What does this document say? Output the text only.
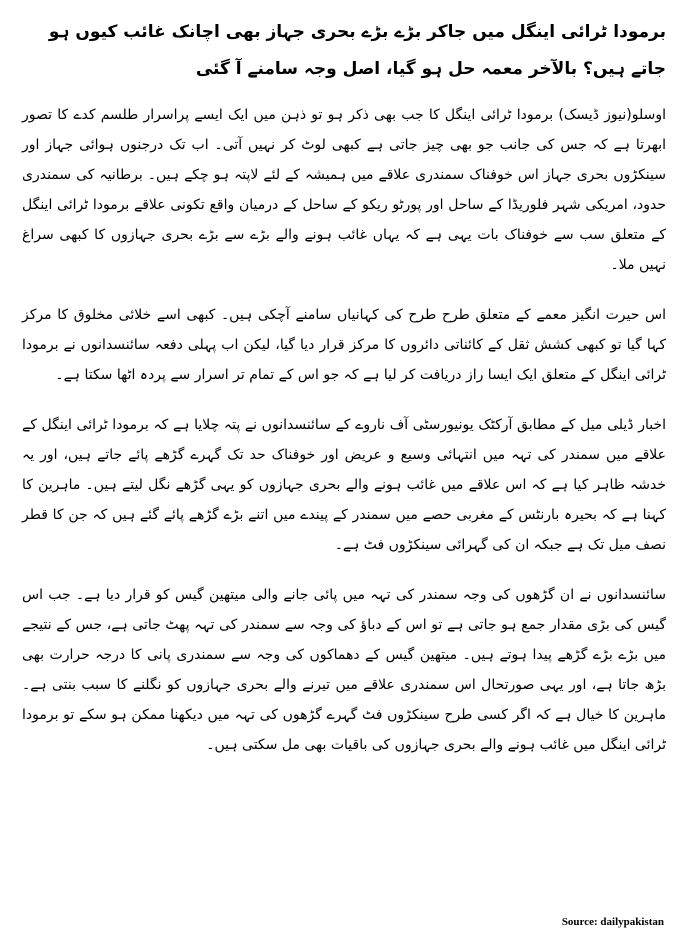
برمودا ٹرائی اینگل میں جاکر بڑے بڑے بحری جہاز بھی اچانک غائب کیوں ہو جاتے ہیں؟ بالآخر معمہ حل ہو گیا، اصل وجہ سامنے آ گئی
اوسلو(نیوز ڈیسک) برمودا ٹرائی اینگل کا جب بھی ذکر ہو تو ذہن میں ایک ایسے پراسرار طلسم کدے کا تصور ابھرتا ہے کہ جس کی جانب جو بھی چیز جاتی ہے کبھی لوٹ کر نہیں آتی۔ اب تک درجنوں ہوائی جہاز اور سینکڑوں بحری جہاز اس خوفناک سمندری علاقے میں ہمیشہ کے لئے لاپتہ ہو چکے ہیں۔ برطانیہ کی سمندری حدود، امریکی شہر فلوریڈا کے ساحل اور پورٹو ریکو کے ساحل کے درمیان واقع تکونی علاقے برمودا ٹرائی اینگل کے متعلق سب سے خوفناک بات یہی ہے کہ یہاں غائب ہونے والے بڑے سے بڑے بحری جہازوں کا کبھی سراغ نہیں ملا۔
اس حیرت انگیز معمے کے متعلق طرح طرح کی کہانیاں سامنے آچکی ہیں۔ کبھی اسے خلائی مخلوق کا مرکز کہا گیا تو کبھی کشش ثقل کے کائناتی دائروں کا مرکز قرار دیا گیا، لیکن اب پہلی دفعہ سائنسدانوں نے برمودا ٹرائی اینگل کے متعلق ایک ایسا راز دریافت کر لیا ہے کہ جو اس کے تمام تر اسرار سے پردہ اٹھا سکتا ہے۔
اخبار ڈیلی میل کے مطابق آرکٹک یونیورسٹی آف ناروے کے سائنسدانوں نے پتہ چلایا ہے کہ برمودا ٹرائی اینگل کے علاقے میں سمندر کی تہہ میں انتہائی وسیع و عریض اور خوفناک حد تک گہرے گڑھے پائے جاتے ہیں، اور یہ خدشہ ظاہر کیا ہے کہ اس علاقے میں غائب ہونے والے بحری جہازوں کو یہی گڑھے نگل لیتے ہیں۔ ماہرین کا کہنا ہے کہ بحیرہ بارنٹس کے مغربی حصے میں سمندر کے پیندے میں اتنے بڑے گڑھے پائے گئے ہیں کہ جن کا قطر نصف میل تک ہے جبکہ ان کی گہرائی سینکڑوں فٹ ہے۔
سائنسدانوں نے ان گڑھوں کی وجہ سمندر کی تہہ میں پائی جانے والی میتھین گیس کو قرار دیا ہے۔ جب اس گیس کی بڑی مقدار جمع ہو جاتی ہے تو اس کے دباؤ کی وجہ سے سمندر کی تہہ پھٹ جاتی ہے، جس کے نتیجے میں بڑے بڑے گڑھے پیدا ہوتے ہیں۔ میتھین گیس کے دھماکوں کی وجہ سے سمندری پانی کا درجہ حرارت بھی بڑھ جاتا ہے، اور یہی صورتحال اس سمندری علاقے میں تیرنے والے بحری جہازوں کو نگلنے کا سبب بنتی ہے۔ ماہرین کا خیال ہے کہ اگر کسی طرح سینکڑوں فٹ گہرے گڑھوں کی تہہ میں دیکھنا ممکن ہو سکے تو برمودا ٹرائی اینگل میں غائب ہونے والے بحری جہازوں کی باقیات بھی مل سکتی ہیں۔
Source: dailypakistan
